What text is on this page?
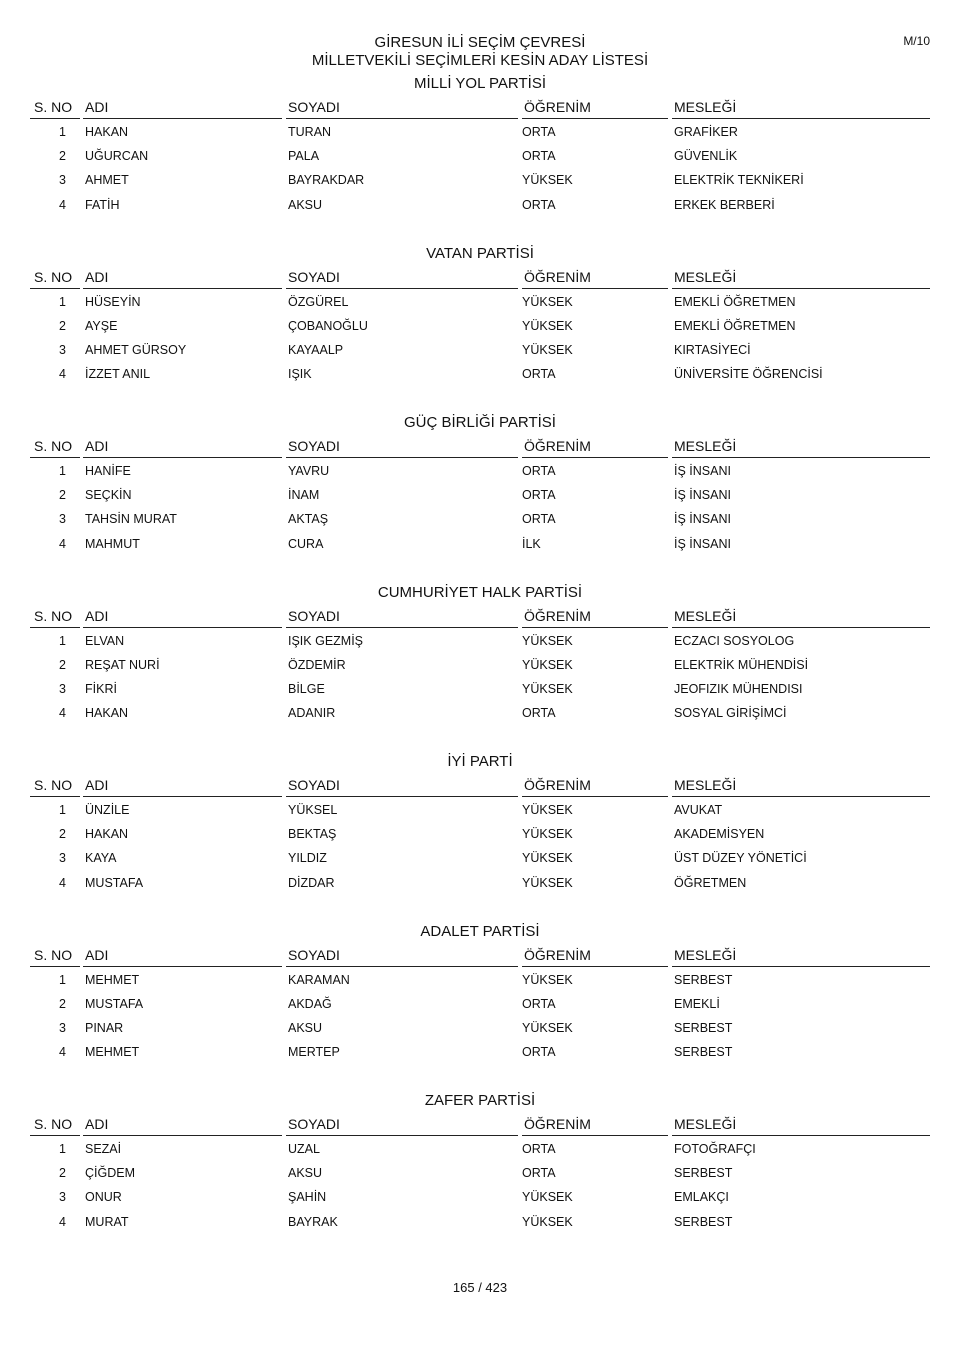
M/10
GİRESUN İLİ SEÇİM ÇEVRESİ
MİLLETVEKİLİ SEÇİMLERİ KESİN ADAY LİSTESİ
MİLLİ YOL PARTİSİ
S. NO ADI	SOYADI	ÖĞRENİM	MESLEĞİ
1 HAKAN	TURAN	ORTA	GRAFİKER
2 UĞURCAN	PALA	ORTA	GÜVENLİK
3 AHMET	BAYRAKDAR	YÜKSEK	ELEKTRİK TEKNİKERİ
4 FATİH	AKSU	ORTA	ERKEK BERBERİ
VATAN PARTİSİ
S. NO ADI	SOYADI	ÖĞRENİM	MESLEĞİ
1 HÜSEYİN	ÖZGÜREL	YÜKSEK	EMEKLİ ÖĞRETMEN
2 AYŞE	ÇOBANOĞLU	YÜKSEK	EMEKLİ ÖĞRETMEN
3 AHMET GÜRSOY	KAYAALP	YÜKSEK	KIRTASİYECİ
4 İZZET ANIL	IŞIK	ORTA	ÜNİVERSİTE ÖĞRENCİSİ
GÜÇ BİRLİĞİ PARTİSİ
S. NO ADI	SOYADI	ÖĞRENİM	MESLEĞİ
1 HANİFE	YAVRU	ORTA	İŞ İNSANI
2 SEÇKİN	İNAM	ORTA	İŞ İNSANI
3 TAHSİN MURAT	AKTAŞ	ORTA	İŞ İNSANI
4 MAHMUT	CURA	İLK	İŞ İNSANI
CUMHURİYET HALK PARTİSİ
S. NO ADI	SOYADI	ÖĞRENİM	MESLEĞİ
1 ELVAN	IŞIK GEZMİŞ	YÜKSEK	ECZACI SOSYOLOG
2 REŞAT NURİ	ÖZDEMİR	YÜKSEK	ELEKTRİK MÜHENDİSİ
3 FİKRİ	BİLGE	YÜKSEK	JEOFIZIK MÜHENDISI
4 HAKAN	ADANIR	ORTA	SOSYAL GİRİŞİMCİ
İYİ PARTİ
S. NO ADI	SOYADI	ÖĞRENİM	MESLEĞİ
1 ÜNZİLE	YÜKSEL	YÜKSEK	AVUKAT
2 HAKAN	BEKTAŞ	YÜKSEK	AKADEMİSYEN
3 KAYA	YILDIZ	YÜKSEK	ÜST DÜZEY YÖNETİCİ
4 MUSTAFA	DİZDAR	YÜKSEK	ÖĞRETMEN
ADALET PARTİSİ
S. NO ADI	SOYADI	ÖĞRENİM	MESLEĞİ
1 MEHMET	KARAMAN	YÜKSEK	SERBEST
2 MUSTAFA	AKDAĞ	ORTA	EMEKLİ
3 PINAR	AKSU	YÜKSEK	SERBEST
4 MEHMET	MERTEP	ORTA	SERBEST
ZAFER PARTİSİ
S. NO ADI	SOYADI	ÖĞRENİM	MESLEĞİ
1 SEZAİ	UZAL	ORTA	FOTOĞRAFÇI
2 ÇİĞDEM	AKSU	ORTA	SERBEST
3 ONUR	ŞAHİN	YÜKSEK	EMLAKÇI
4 MURAT	BAYRAK	YÜKSEK	SERBEST
165 / 423
